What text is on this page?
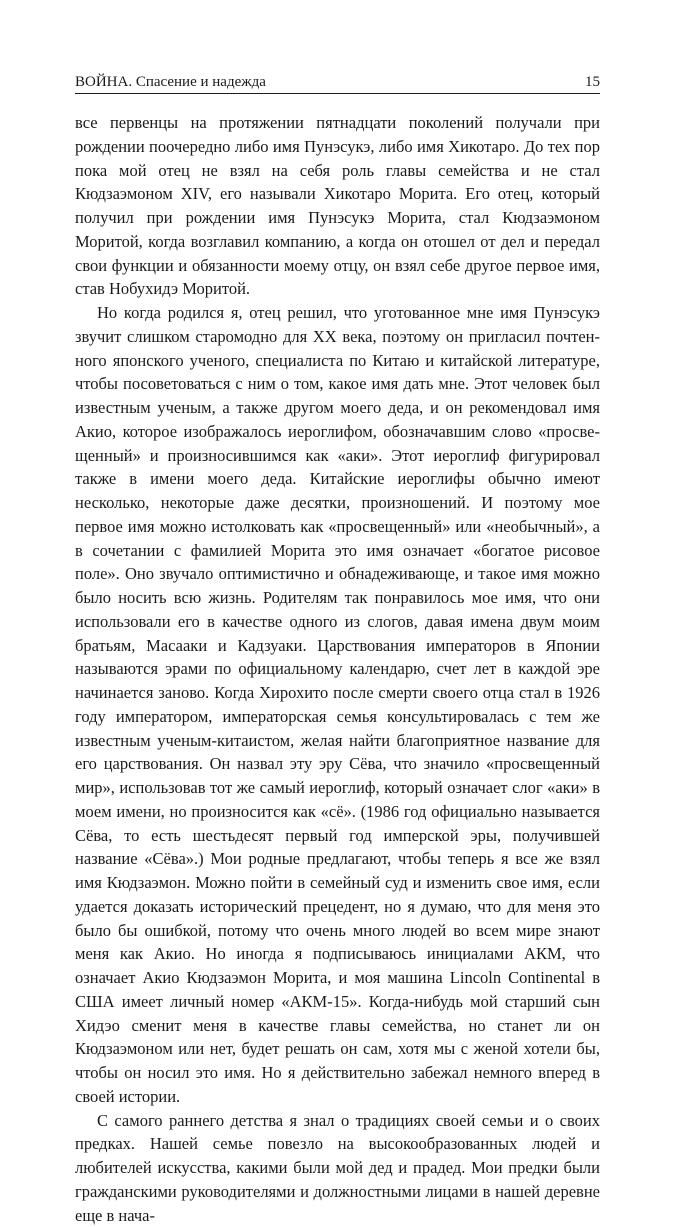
ВОЙНА. Спасение и надежда	15

все первенцы на протяжении пятнадцати поколений получали при рождении поочередно либо имя Пунэсукэ, либо имя Хикотаро. До тех пор пока мой отец не взял на себя роль главы семейства и не стал Кюдзаэмоном XIV, его называли Хикотаро Морита. Его отец, который получил при рождении имя Пунэсукэ Морита, стал Кюдзаэмоном Моритой, когда возглавил компанию, а когда он отошел от дел и передал свои функции и обязанности моему отцу, он взял себе другое первое имя, став Нобухидэ Моритой.

Но когда родился я, отец решил, что уготованное мне имя Пунэсукэ звучит слишком старомодно для XX века, поэтому он пригласил почтенного японского ученого, специалиста по Китаю и китайской литературе, чтобы посоветоваться с ним о том, какое имя дать мне. Этот человек был известным ученым, а также другом моего деда, и он рекомендовал имя Акио, которое изображалось иероглифом, обозначавшим слово «просвещенный» и произносившимся как «аки». Этот иероглиф фигурировал также в имени моего деда. Китайские иероглифы обычно имеют несколько, некоторые даже десятки, произношений. И поэтому мое первое имя можно истолковать как «просвещенный» или «необычный», а в сочетании с фамилией Морита это имя означает «богатое рисовое поле». Оно звучало оптимистично и обнадеживающе, и такое имя можно было носить всю жизнь. Родителям так понравилось мое имя, что они использовали его в качестве одного из слогов, давая имена двум моим братьям, Масааки и Кадзуаки. Царствования императоров в Японии называются эрами по официальному календарю, счет лет в каждой эре начинается заново. Когда Хирохито после смерти своего отца стал в 1926 году императором, императорская семья консультировалась с тем же известным ученым-китаистом, желая найти благоприятное название для его царствования. Он назвал эту эру Сёва, что значило «просвещенный мир», использовав тот же самый иероглиф, который означает слог «аки» в моем имени, но произносится как «сё». (1986 год официально называется Сёва, то есть шестьдесят первый год имперской эры, получившей название «Сёва».) Мои родные предлагают, чтобы теперь я все же взял имя Кюдзаэмон. Можно пойти в семейный суд и изменить свое имя, если удается доказать исторический прецедент, но я думаю, что для меня это было бы ошибкой, потому что очень много людей во всем мире знают меня как Акио. Но иногда я подписываюсь инициалами АКМ, что означает Акио Кюдзаэмон Морита, и моя машина Lincoln Continental в США имеет личный номер «АКМ-15». Когда-нибудь мой старший сын Хидэо сменит меня в качестве главы семейства, но станет ли он Кюдзаэмоном или нет, будет решать он сам, хотя мы с женой хотели бы, чтобы он носил это имя. Но я действительно забежал немного вперед в своей истории.

С самого раннего детства я знал о традициях своей семьи и о своих предках. Нашей семье повезло на высокообразованных людей и любителей искусства, какими были мой дед и прадед. Мои предки были гражданскими руководителями и должностными лицами в нашей деревне еще в нача-
